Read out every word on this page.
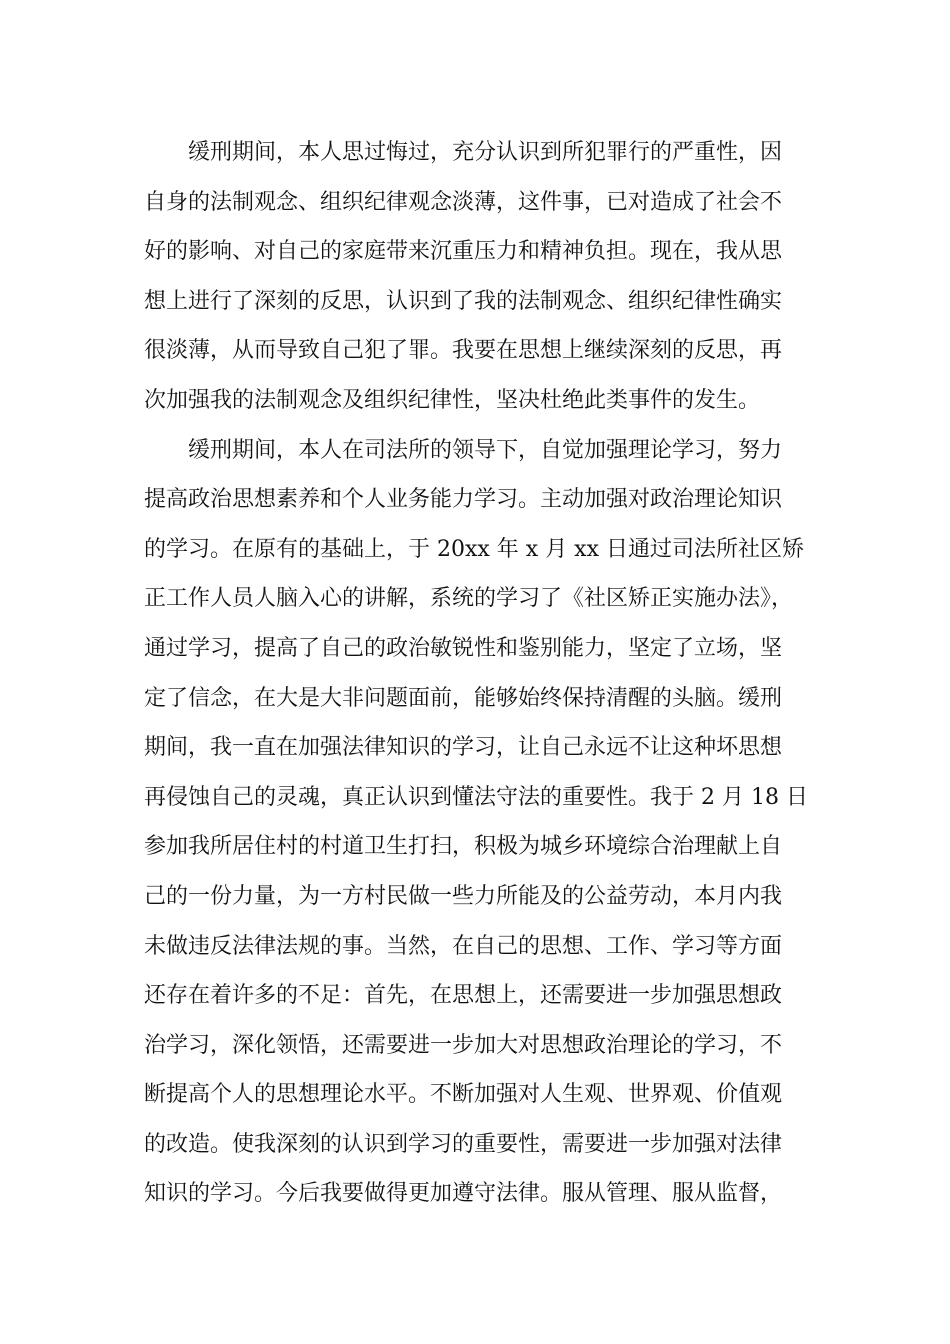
　　缓刑期间，本人思过悔过，充分认识到所犯罪行的严重性，因
自身的法制观念、组织纪律观念淡薄，这件事，已对造成了社会不
好的影响、对自己的家庭带来沉重压力和精神负担。现在，我从思
想上进行了深刻的反思，认识到了我的法制观念、组织纪律性确实
很淡薄，从而导致自己犯了罪。我要在思想上继续深刻的反思，再
次加强我的法制观念及组织纪律性，坚决杜绝此类事件的发生。
　　缓刑期间，本人在司法所的领导下，自觉加强理论学习，努力
提高政治思想素养和个人业务能力学习。主动加强对政治理论知识
的学习。在原有的基础上，于 20xx 年 x 月 xx 日通过司法所社区矫
正工作人员人脑入心的讲解，系统的学习了《社区矫正实施办法》，
通过学习，提高了自己的政治敏锐性和鉴别能力，坚定了立场，坚
定了信念，在大是大非问题面前，能够始终保持清醒的头脑。缓刑
期间，我一直在加强法律知识的学习，让自己永远不让这种坏思想
再侵蚀自己的灵魂，真正认识到懂法守法的重要性。我于 2 月 18 日
参加我所居住村的村道卫生打扫，积极为城乡环境综合治理献上自
己的一份力量，为一方村民做一些力所能及的公益劳动，本月内我
未做违反法律法规的事。当然，在自己的思想、工作、学习等方面
还存在着许多的不足：首先，在思想上，还需要进一步加强思想政
治学习，深化领悟，还需要进一步加大对思想政治理论的学习，不
断提高个人的思想理论水平。不断加强对人生观、世界观、价值观
的改造。使我深刻的认识到学习的重要性，需要进一步加强对法律
知识的学习。今后我要做得更加遵守法律。服从管理、服从监督，
